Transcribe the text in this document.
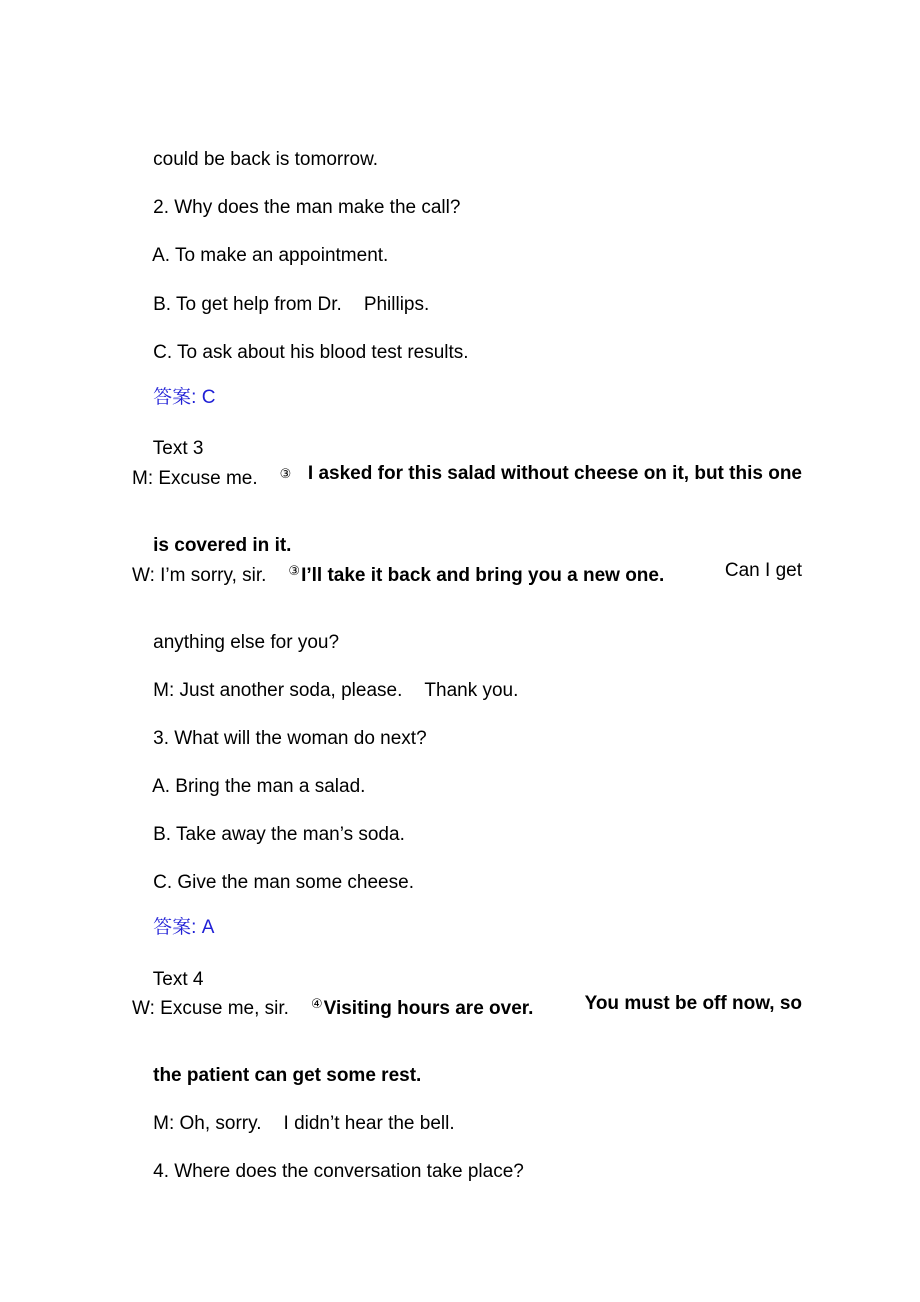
could be back is tomorrow.

2. Why does the man make the call?

A. To make an appointment.

B. To get help from Dr. Phillips.

C. To ask about his blood test results.

答案: C

Text 3

M: Excuse me. ③ I asked for this salad without cheese on it, but this one

is covered in it.

W: I’m sorry, sir. ③I’ll take it back and bring you a new one.	Can I get

anything else for you?

M: Just another soda, please. Thank you.

3. What will the woman do next?

A. Bring the man a salad.

B. Take away the man’s soda.

C. Give the man some cheese.

答案: A

Text 4

W: Excuse me, sir. ④Visiting hours are over.	You must be off now, so

the patient can get some rest.

M: Oh, sorry. I didn’t hear the bell.

4. Where does the conversation take place?
